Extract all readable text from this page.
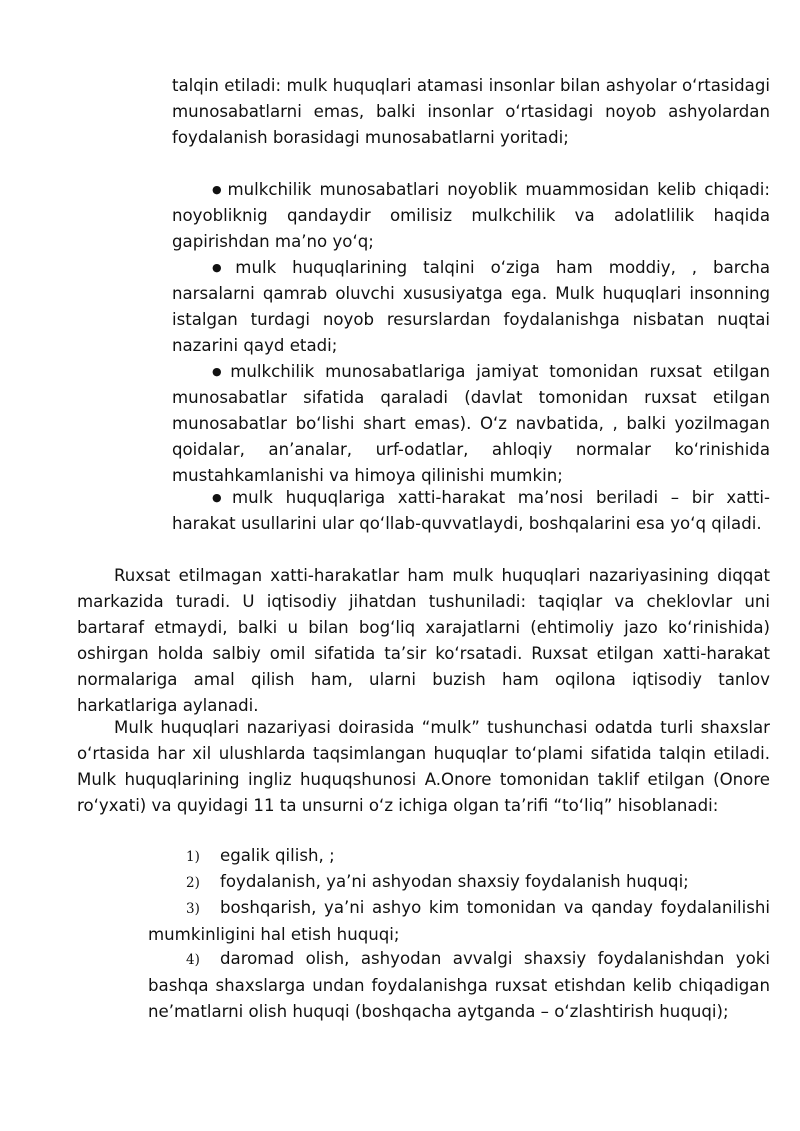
talqin etiladi: mulk huquqlari atamasi insonlar bilan ashyolar o‘rtasidagi munosabatlarni emas, balki insonlar o‘rtasidagi noyob ashyolardan foydalanish borasidagi munosabatlarni yoritadi;

● mulkchilik munosabatlari noyoblik muammosidan kelib chiqadi: noyobliknig qandaydir omilisiz mulkchilik va adolatlilik haqida gapirishdan ma’no yo‘q;

● mulk huquqlarining talqini o‘ziga ham moddiy, , barcha narsalarni qamrab oluvchi xususiyatga ega. Mulk huquqlari insonning istalgan turdagi noyob resurslardan foydalanishga nisbatan nuqtai nazarini qayd etadi;

● mulkchilik munosabatlariga jamiyat tomonidan ruxsat etilgan munosabatlar sifatida qaraladi (davlat tomonidan ruxsat etilgan munosabatlar bo‘lishi shart emas). O‘z navbatida, , balki yozilmagan qoidalar, an’analar, urf-odatlar, ahloqiy normalar ko‘rinishida mustahkamlanishi va himoya qilinishi mumkin;

● mulk huquqlariga xatti-harakat ma’nosi beriladi – bir xatti-harakat usullarini ular qo‘llab-quvvatlaydi, boshqalarini esa yo‘q qiladi.

Ruxsat etilmagan xatti-harakatlar ham mulk huquqlari nazariyasining diqqat markazida turadi. U iqtisodiy jihatdan tushuniladi: taqiqlar va cheklovlar uni bartaraf etmaydi, balki u bilan bog‘liq xarajatlarni (ehtimoliy jazo ko‘rinishida) oshirgan holda salbiy omil sifatida ta’sir ko‘rsatadi. Ruxsat etilgan xatti-harakat normalariga amal qilish ham, ularni buzish ham oqilona iqtisodiy tanlov harkatlariga aylanadi.

Mulk huquqlari nazariyasi doirasida “mulk” tushunchasi odatda turli shaxslar o‘rtasida har xil ulushlarda taqsimlangan huquqlar to‘plami sifatida talqin etiladi. Mulk huquqlarining ingliz huquqshunosi A.Onore tomonidan taklif etilgan (Onore ro‘yxati) va quyidagi 11 ta unsurni o‘z ichiga olgan ta’rifi “to‘liq” hisoblanadi:

1) egalik qilish, ;

2) foydalanish, ya’ni ashyodan shaxsiy foydalanish huquqi;

3) boshqarish, ya’ni ashyo kim tomonidan va qanday foydalanilishi mumkinligini hal etish huquqi;

4) daromad olish, ashyodan avvalgi shaxsiy foydalanishdan yoki bashqa shaxslarga undan foydalanishga ruxsat etishdan kelib chiqadigan ne’matlarni olish huquqi (boshqacha aytganda – o‘zlashtirish huquqi);
